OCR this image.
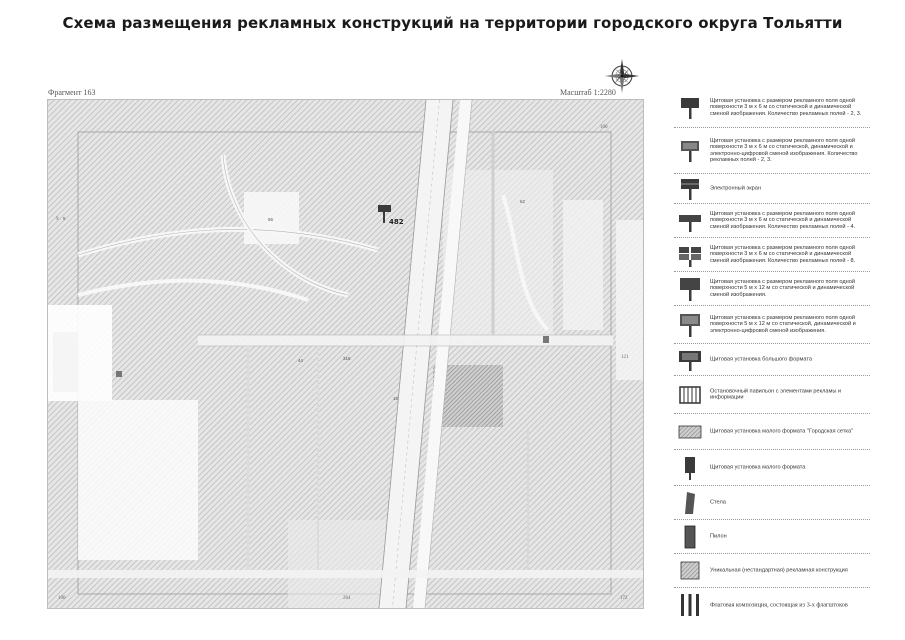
Схема размещения рекламных конструкций на территории городского округа Тольятти
Фрагмент 163	Масштаб 1:2280
482
56
318
44
62
5
18
100
9
121
100	264	172
Щитовая установка с размером рекламного поля одной поверхности 3 м х 6 м со статической и динамической сменой изображения. Количество рекламных полей - 2, 3.
Щитовая установка с размером рекламного поля одной поверхности 3 м х 6 м со статической, динамической и электронно-цифровой сменой изображения. Количество рекламных полей - 2, 3.
Электронный экран
Щитовая установка с размером рекламного поля одной поверхности 3 м х 6 м со статической и динамической сменой изображения. Количество рекламных полей - 4.
Щитовая установка с размером рекламного поля одной поверхности 3 м х 6 м со статической и динамической сменой изображения. Количество рекламных полей - 8.
Щитовая установка с размером рекламного поля одной поверхности 5 м х 12 м со статической и динамической сменой изображения.
Щитовая установка с размером рекламного поля одной поверхности 5 м х 12 м со статической, динамической и электронно-цифровой сменой изображения.
Щитовая установка большого формата
Остановочный павильон с элементами рекламы и информации
Щитовая установка малого формата "Городская сетка"
Щитовая установка малого формата
Стела
Пилон
Уникальная (нестандартная) рекламная конструкция
Флаговая композиция, состоящая из 3-х флагштоков
